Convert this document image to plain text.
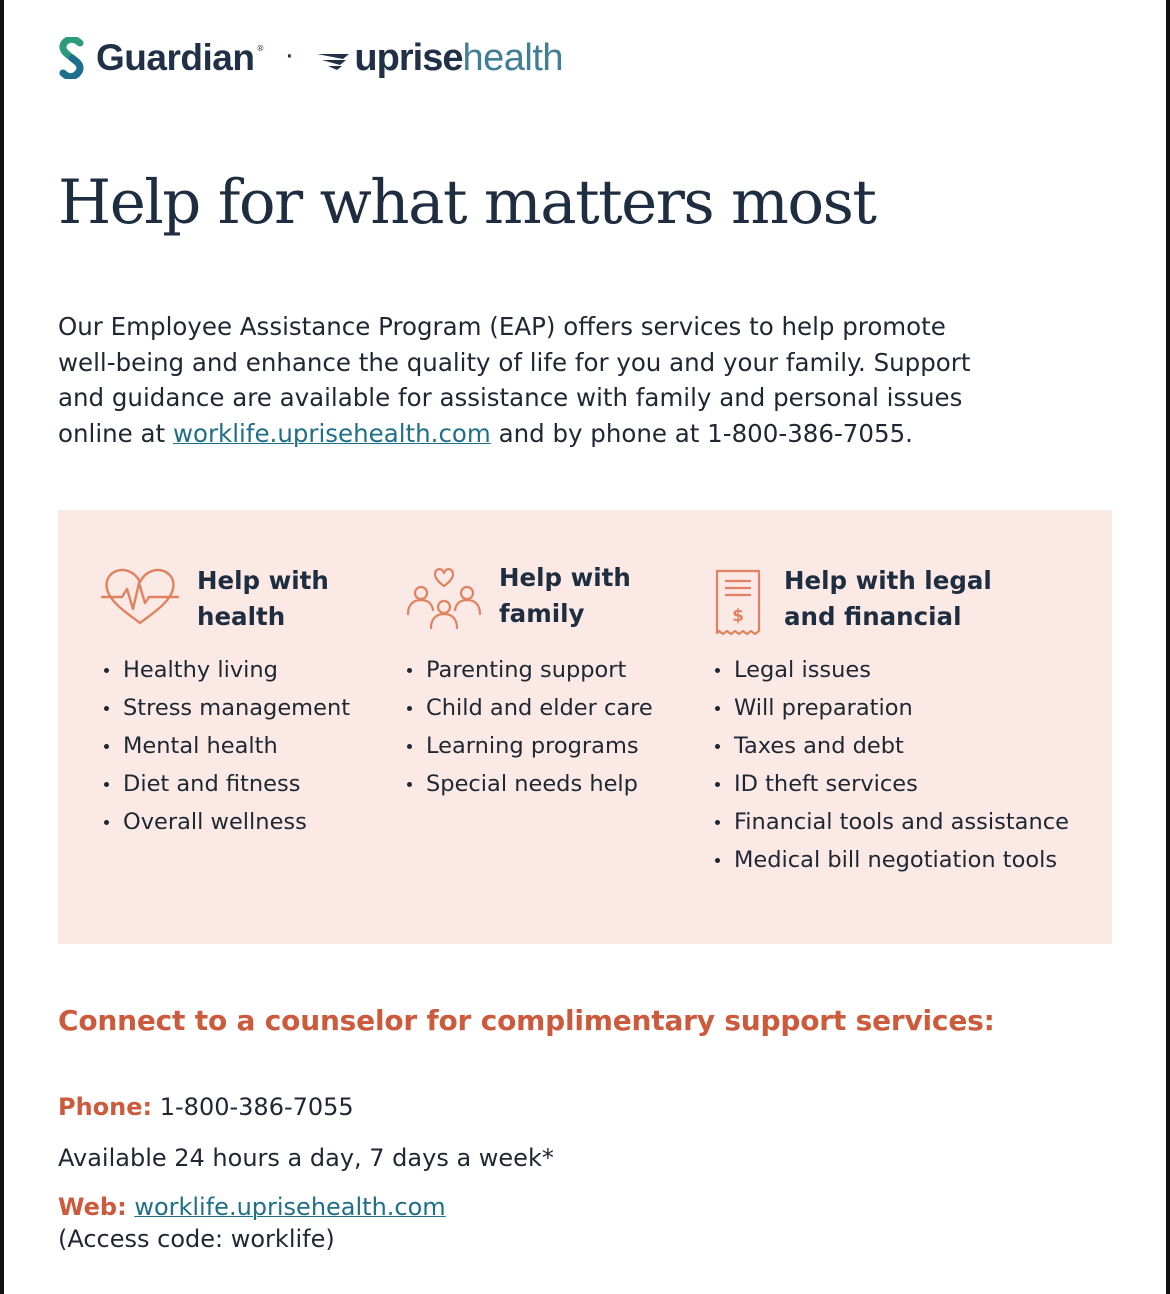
Guardian ® · uprise health
Help for what matters most

Our Employee Assistance Program (EAP) offers services to help promote well-being and enhance the quality of life for you and your family. Support and guidance are available for assistance with family and personal issues online at worklife.uprisehealth.com and by phone at 1-800-386-7055.

Help with

health

Healthy living
Stress management
Mental health
Diet and fitness
Overall wellness

Help with

family

Parenting support
Child and elder care
Learning programs
Special needs help
$

Help with legal

and financial

Legal issues
Will preparation
Taxes and debt
ID theft services
Financial tools and assistance
Medical bill negotiation tools
Connect to a counselor for complimentary support services:

Phone: 1-800-386-7055

Available 24 hours a day, 7 days a week*

Web: worklife.uprisehealth.com

(Access code: worklife)
